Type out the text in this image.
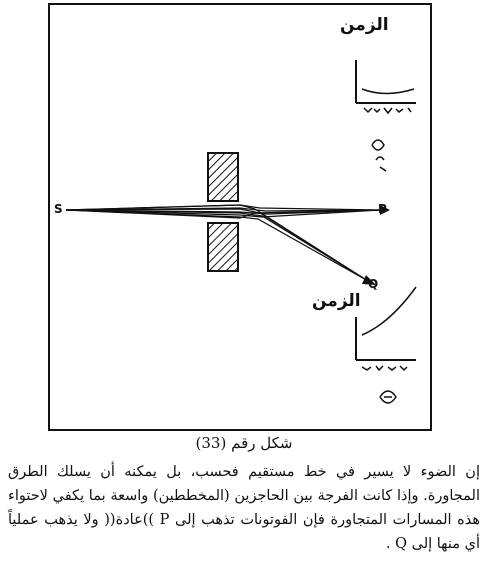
الزمن
الزمن
S	P
Q
شكل رقم (33)

إن الضوء لا يسير في خط مستقيم فحسب، بل يمكنه أن يسلك الطرق المجاورة. وإذا كانت الفرجة بين الحاجزين (المخططين) واسعة بما يكفي لاحتواء هذه المسارات المتجاورة فإن الفوتونات تذهب إلى P ))عادة(( ولا يذهب عملياً أي منها إلى Q .
